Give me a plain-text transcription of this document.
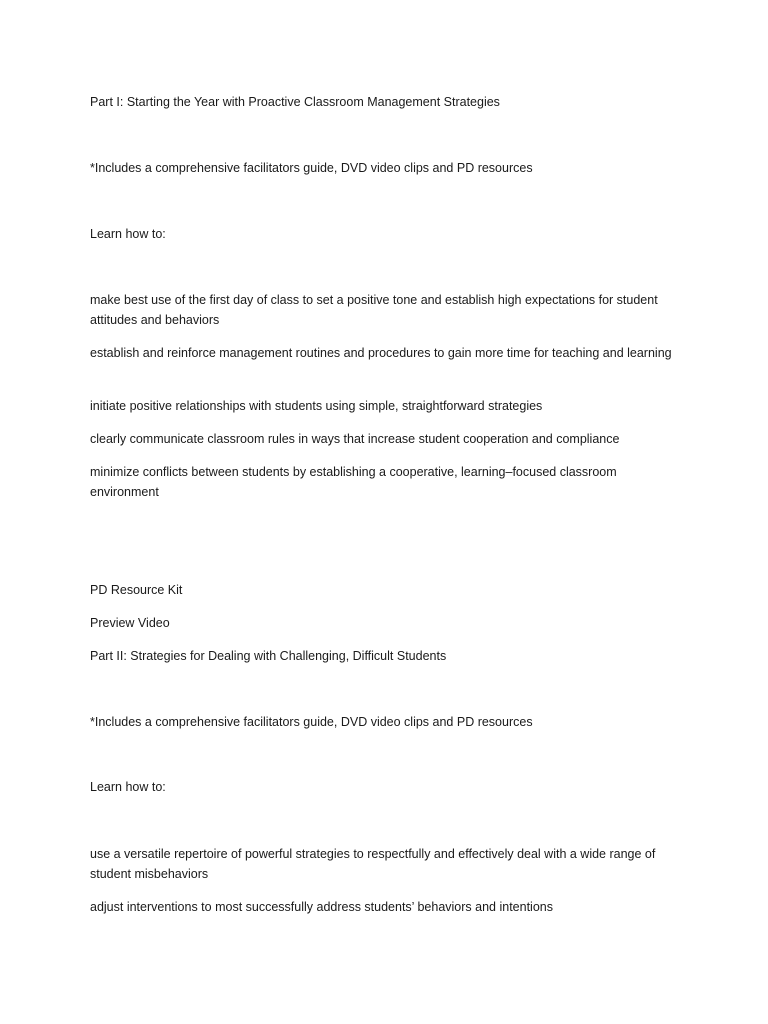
Part I: Starting the Year with Proactive Classroom Management Strategies

*Includes a comprehensive facilitators guide, DVD video clips and PD resources

Learn how to:

make best use of the first day of class to set a positive tone and establish high expectations for student attitudes and behaviors

establish and reinforce management routines and procedures to gain more time for teaching and learning

initiate positive relationships with students using simple, straightforward strategies

clearly communicate classroom rules in ways that increase student cooperation and compliance

minimize conflicts between students by establishing a cooperative, learning–focused classroom environment

PD Resource Kit

Preview Video

Part II: Strategies for Dealing with Challenging, Difficult Students

*Includes a comprehensive facilitators guide, DVD video clips and PD resources

Learn how to:

use a versatile repertoire of powerful strategies to respectfully and effectively deal with a wide range of student misbehaviors

adjust interventions to most successfully address students’ behaviors and intentions
